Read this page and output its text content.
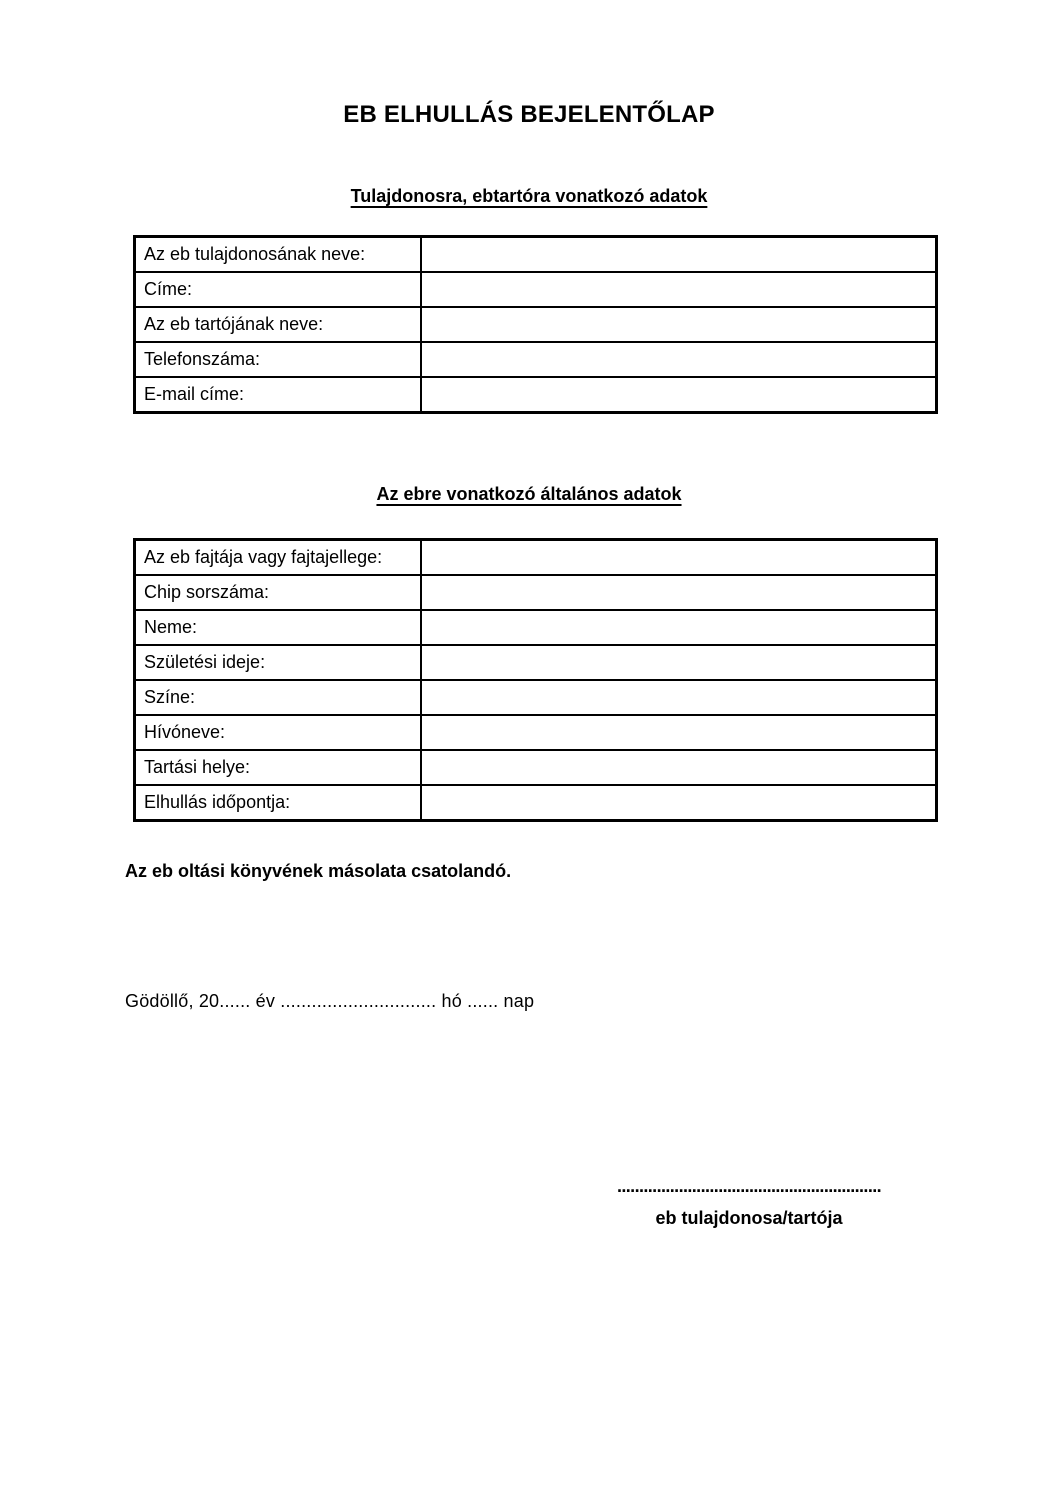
EB ELHULLÁS BEJELENTŐLAP
Tulajdonosra, ebtartóra vonatkozó adatok
Az eb tulajdonosának neve:	
Címe:	
Az eb tartójának neve:	
Telefonszáma:	
E-mail címe:	
Az ebre vonatkozó általános adatok
Az eb fajtája vagy fajtajellege:	
Chip sorszáma:	
Neme:	
Születési ideje:	
Színe:	
Hívóneve:	
Tartási helye:	
Elhullás időpontja:	
Az eb oltási könyvének másolata csatolandó.
Gödöllő, 20...... év .............................. hó ...... nap
............................................................
eb tulajdonosa/tartója
